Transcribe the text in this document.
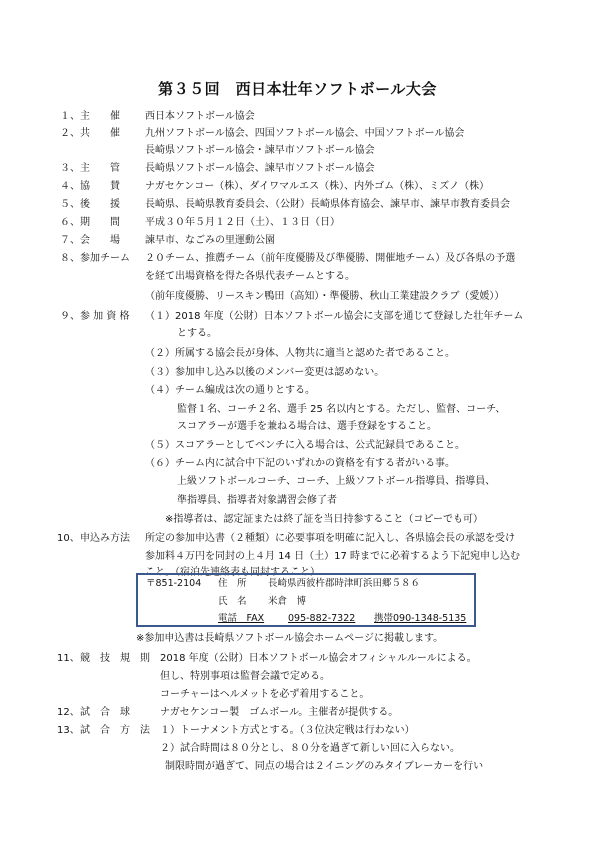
第３５回　西日本壮年ソフトボール大会
１、 主　　催	西日本ソフトボール協会
２、 共　　催	九州ソフトボール協会、四国ソフトボール協会、中国ソフトボール協会
長崎県ソフトボール協会・諫早市ソフトボール協会
３、 主　　管	長崎県ソフトボール協会、諫早市ソフトボール協会
４、 協　　賛	ナガセケンコー（株）、ダイワマルエス（株）、内外ゴム（株）、ミズノ（株）
５、 後　　援	長崎県、長崎県教育委員会、（公財）長崎県体育協会、諫早市、諫早市教育委員会
６、 期　　間	平成３０年５月１２日（土）、１３日（日）
７、 会　　場	諫早市、なごみの里運動公園
８、 参加チーム ２０チーム、推薦チーム（前年度優勝及び準優勝、開催地チーム）及び各県の予選
を経て出場資格を得た各県代表チームとする。
（前年度優勝、リースキン鴨田（高知）・準優勝、秋山工業建設クラブ（愛媛））
９、 参 加 資 格 （１）2018 年度（公財）日本ソフトボール協会に支部を通じて登録した壮年チーム
とする。
（２）所属する協会長が身体、人物共に適当と認めた者であること。
（３）参加申し込み以後のメンバー変更は認めない。
（４）チーム編成は次の通りとする。
監督１名、コーチ２名、選手 25 名以内とする。ただし、監督、コーチ、
スコアラーが選手を兼ねる場合は、選手登録をすること。
（５）スコアラーとしてベンチに入る場合は、公式記録員であること。
（６）チーム内に試合中下記のいずれかの資格を有する者がいる事。
上級ソフトボールコーチ、コーチ、上級ソフトボール指導員、指導員、
準指導員、指導者対象講習会修了者
※指導者は、認定証または終了証を当日持参すること（コピーでも可）
10、 申込み方法 所定の参加申込書（２種類）に必要事項を明確に記入し、各県協会長の承認を受け
参加料４万円を同封の上４月 14 日（土）17 時までに必着するよう下記宛申し込む
こと。（宿泊先連絡表も同封すること）
〒851-2104 住　所 長崎県西彼杵郡時津町浜田郷５８６
氏　名 米倉　博
電話　FAX	095-882-7322 携帯090-1348-5135
※参加申込書は長崎県ソフトボール協会ホームページに掲載します。
11、 競　技　規　則 2018 年度（公財）日本ソフトボール協会オフィシャルルールによる。
但し、特別事項は監督会議で定める。
コーチャーはヘルメットを必ず着用すること。
12、 試　合　球	ナガセケンコー製　ゴムボール。主催者が提供する。
13、 試　合　方　法 １）トーナメント方式とする。（３位決定戦は行わない）
２）試合時間は８０分とし、８０分を過ぎて新しい回に入らない。
制限時間が過ぎて、同点の場合は２イニングのみタイブレーカーを行い
